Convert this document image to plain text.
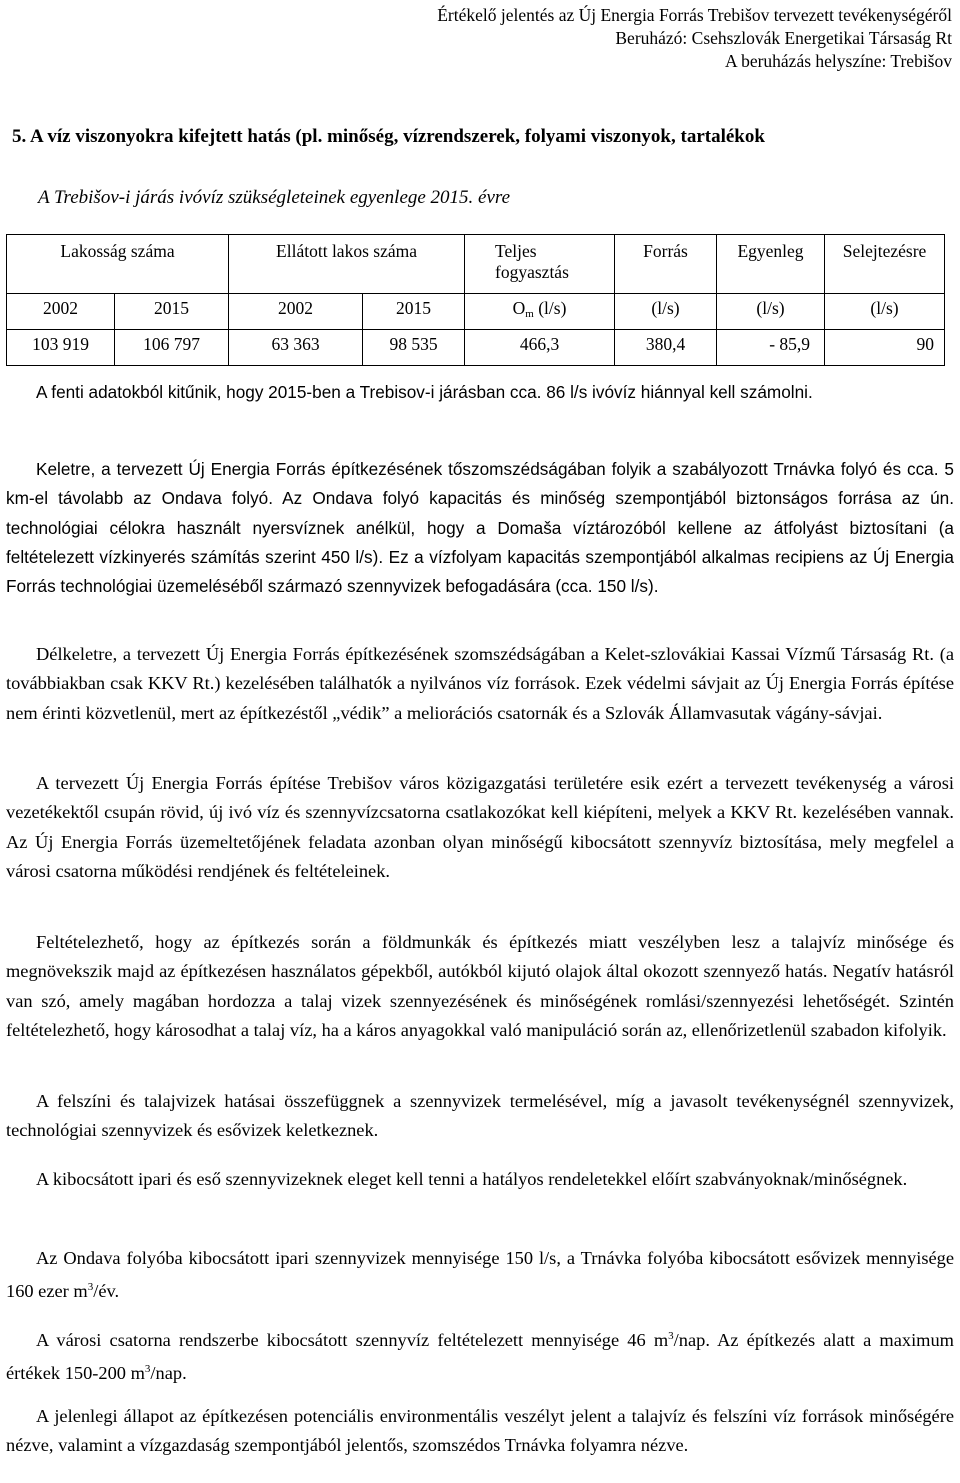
Értékelő jelentés az Új Energia Forrás Trebišov tervezett tevékenységéről
Beruházó: Csehszlovák Energetikai Társaság Rt
A beruházás helyszíne: Trebišov
5. A víz viszonyokra kifejtett hatás (pl. minőség, vízrendszerek, folyami viszonyok, tartalékok
A Trebišov-i járás ivóvíz szükségleteinek egyenlege 2015. évre
Lakosság száma		Ellátott lakos száma		Teljes
fogyasztás	Forrás	Egyenleg	Selejtezésre
2002	2015	2002	2015	$O_m$ (l/s)	(l/s)	(l/s)	(l/s)
103 919	106 797	63 363	98 535	466,3	380,4	- 85,9	90
A fenti adatokból kitűnik, hogy 2015-ben a Trebisov-i járásban cca. 86 l/s ivóvíz hiánnyal kell számolni.
Keletre, a tervezett Új Energia Forrás építkezésének tőszomszédságában folyik a szabályozott Trnávka folyó és cca. 5 km-el távolabb az Ondava folyó. Az Ondava folyó kapacitás és minőség szempontjából biztonságos forrása az ún. technológiai célokra használt nyersvíznek anélkül, hogy a Domaša víztározóból kellene az átfolyást biztosítani (a feltételezett vízkinyerés számítás szerint 450 l/s). Ez a vízfolyam kapacitás szempontjából alkalmas recipiens az Új Energia Forrás technológiai üzemeléséből származó szennyvizek befogadására (cca. 150 l/s).
Délkeletre, a tervezett Új Energia Forrás építkezésének szomszédságában a Kelet-szlovákiai Kassai Vízmű Társaság Rt. (a továbbiakban csak KKV Rt.) kezelésében találhatók a nyilvános víz források. Ezek védelmi sávjait az Új Energia Forrás építése nem érinti közvetlenül, mert az építkezéstől „védik” a meliorációs csatornák és a Szlovák Államvasutak vágány-sávjai.
A tervezett Új Energia Forrás építése Trebišov város közigazgatási területére esik ezért a tervezett tevékenység a városi vezetékektől csupán rövid, új ivó víz és szennyvízcsatorna csatlakozókat kell kiépíteni, melyek a KKV Rt. kezelésében vannak. Az Új Energia Forrás üzemeltetőjének feladata azonban olyan minőségű kibocsátott szennyvíz biztosítása, mely megfelel a városi csatorna működési rendjének és feltételeinek.
Feltételezhető, hogy az építkezés során a földmunkák és építkezés miatt veszélyben lesz a talajvíz minősége és megnövekszik majd az építkezésen használatos gépekből, autókból kijutó olajok által okozott szennyező hatás. Negatív hatásról van szó, amely magában hordozza a talaj vizek szennyezésének és minőségének romlási/szennyezési lehetőségét. Szintén feltételezhető, hogy károsodhat a talaj víz, ha a káros anyagokkal való manipuláció során az, ellenőrizetlenül szabadon kifolyik.
A felszíni és talajvizek hatásai összefüggnek a szennyvizek termelésével, míg a javasolt tevékenységnél szennyvizek, technológiai szennyvizek és esővizek keletkeznek.
A kibocsátott ipari és eső szennyvizeknek eleget kell tenni a hatályos rendeletekkel előírt szabványoknak/minőségnek.
Az Ondava folyóba kibocsátott ipari szennyvizek mennyisége 150 l/s, a Trnávka folyóba kibocsátott esővizek mennyisége 160 ezer $m^3/év$.
A városi csatorna rendszerbe kibocsátott szennyvíz feltételezett mennyisége 46 $m^3$/nap. Az építkezés alatt a maximum értékek 150-200 $m^3$/nap.
A jelenlegi állapot az építkezésen potenciális environmentális veszélyt jelent a talajvíz és felszíni víz források minőségére nézve, valamint a vízgazdaság szempontjából jelentős, szomszédos Trnávka folyamra nézve.
